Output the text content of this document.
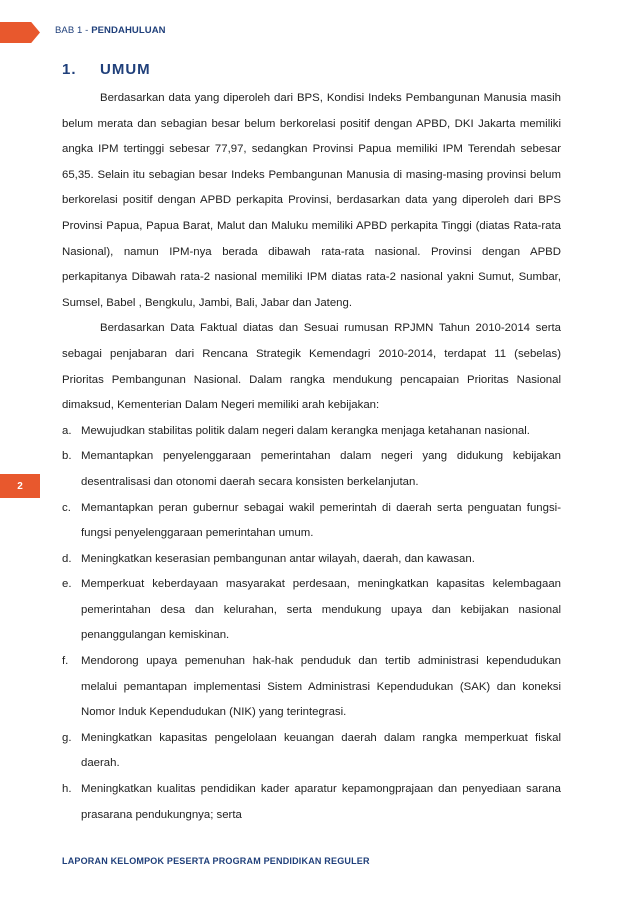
BAB 1 - PENDAHULUAN
1. UMUM

Berdasarkan data yang diperoleh dari BPS, Kondisi Indeks Pembangunan Manusia masih belum merata dan sebagian besar belum berkorelasi positif dengan APBD, DKI Jakarta memiliki angka IPM tertinggi sebesar 77,97, sedangkan Provinsi Papua memiliki IPM Terendah sebesar 65,35. Selain itu sebagian besar Indeks Pembangunan Manusia di masing-masing provinsi belum berkorelasi positif dengan APBD perkapita Provinsi, berdasarkan data yang diperoleh dari BPS Provinsi Papua, Papua Barat, Malut dan Maluku memiliki APBD perkapita Tinggi (diatas Rata-rata Nasional), namun IPM-nya berada dibawah rata-rata nasional. Provinsi dengan APBD perkapitanya Dibawah rata-2 nasional memiliki IPM diatas rata-2 nasional yakni Sumut, Sumbar, Sumsel, Babel , Bengkulu, Jambi, Bali, Jabar dan Jateng.

Berdasarkan Data Faktual diatas dan Sesuai rumusan RPJMN Tahun 2010-2014 serta sebagai penjabaran dari Rencana Strategik Kemendagri 2010-2014, terdapat 11 (sebelas) Prioritas Pembangunan Nasional. Dalam rangka mendukung pencapaian Prioritas Nasional dimaksud, Kementerian Dalam Negeri memiliki arah kebijakan:

a. Mewujudkan stabilitas politik dalam negeri dalam kerangka menjaga ketahanan nasional.
b. Memantapkan penyelenggaraan pemerintahan dalam negeri yang didukung kebijakan desentralisasi dan otonomi daerah secara konsisten berkelanjutan.
c. Memantapkan peran gubernur sebagai wakil pemerintah di daerah serta penguatan fungsi-fungsi penyelenggaraan pemerintahan umum.
d. Meningkatkan keserasian pembangunan antar wilayah, daerah, dan kawasan.
e. Memperkuat keberdayaan masyarakat perdesaan, meningkatkan kapasitas kelembagaan pemerintahan desa dan kelurahan, serta mendukung upaya dan kebijakan nasional penanggulangan kemiskinan.
f. Mendorong upaya pemenuhan hak-hak penduduk dan tertib administrasi kependudukan melalui pemantapan implementasi Sistem Administrasi Kependudukan (SAK) dan koneksi Nomor Induk Kependudukan (NIK) yang terintegrasi.
g. Meningkatkan kapasitas pengelolaan keuangan daerah dalam rangka memperkuat fiskal daerah.
h. Meningkatkan kualitas pendidikan kader aparatur kepamongprajaan dan penyediaan sarana prasarana pendukungnya; serta
2
LAPORAN KELOMPOK PESERTA PROGRAM PENDIDIKAN REGULER
